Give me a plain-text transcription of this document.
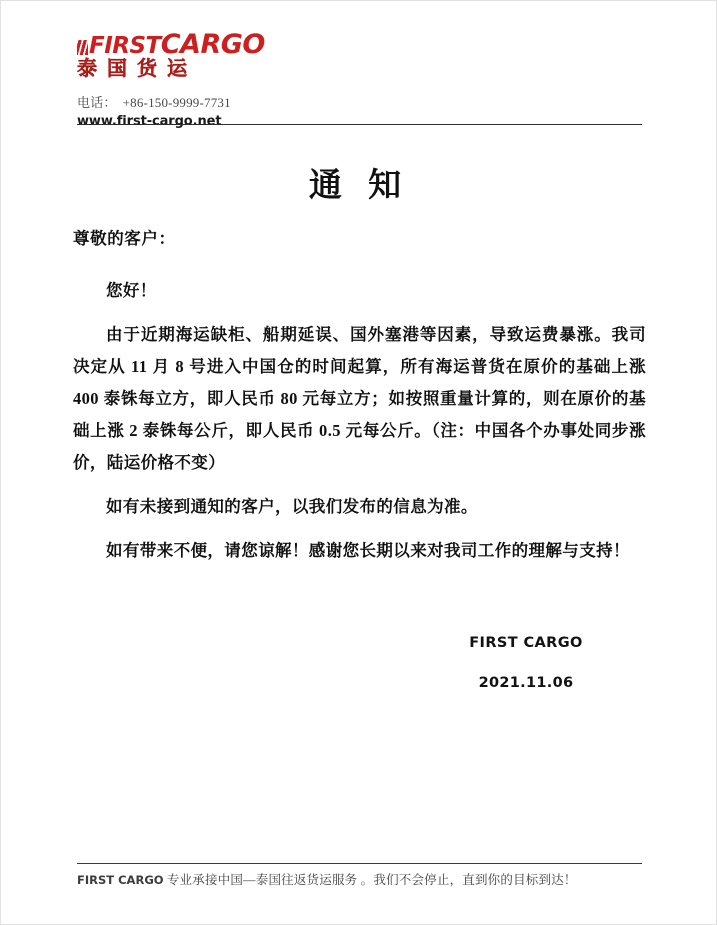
FIRSTCARGO
泰国货运
电话： +86-150-9999-7731
www.first-cargo.net
通 知

尊敬的客户：

您好！

由于近期海运缺柜、船期延误、国外塞港等因素，导致运费暴涨。我司决定从 11 月 8 号进入中国仓的时间起算，所有海运普货在原价的基础上涨 400 泰铢每立方，即人民币 80 元每立方；如按照重量计算的，则在原价的基础上涨 2 泰铢每公斤，即人民币 0.5 元每公斤。（注：中国各个办事处同步涨价，陆运价格不变）

如有未接到通知的客户，以我们发布的信息为准。

如有带来不便，请您谅解！感谢您长期以来对我司工作的理解与支持！

FIRST CARGO
2021.11.06
FIRST CARGO 专业承接中国—泰国往返货运服务 。我们不会停止，直到你的目标到达！
